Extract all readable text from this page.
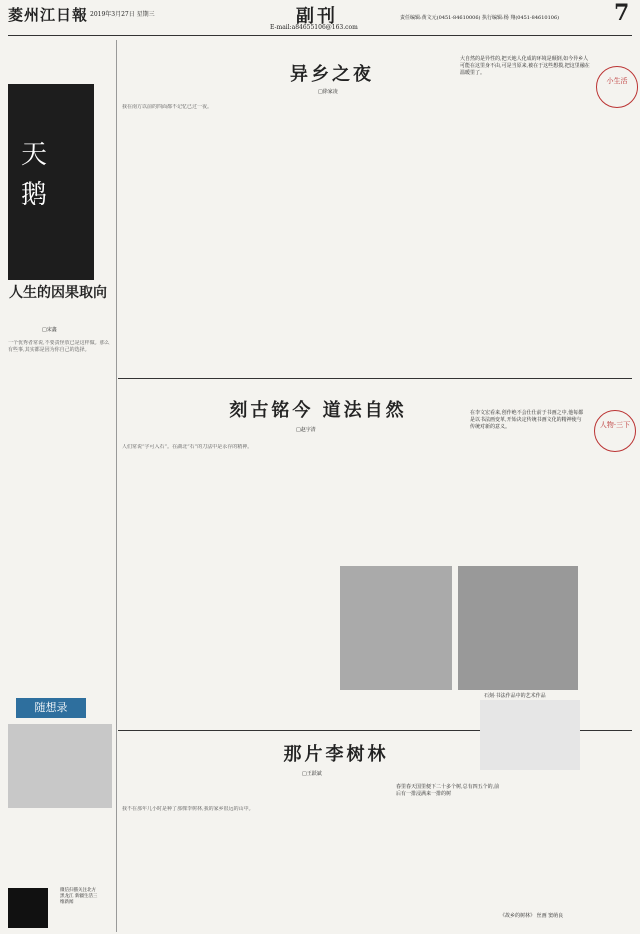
菱州江日報 2019年3月27日 星期三	副刊
E-mail:a84655106@163.com
责任编辑:黄文元(0451-84610006) 执行编辑:杨 翔(0451-84610106) 7
天
鹅
人生的因果取向
□宋鑫
一个优秀者常说,不要责怪放已是这样做。那么有些事,其实都是因为你自己的选择。
随想录
微信扫描关注北方黑龙江 新疆生活三维新闻
异乡之夜
□徐家凌
大自然的是异性的,把天地人化成的环境是颠倒,如今异乡人可能在这里身不由,可是当原来,被在于这些想摸,把这里融在温暖里了。
小生活
我在南方以前的四面都不记忆已过一夜。
刻古铭今 道法自然
□赵宇清
在李文宏看来,创作绝不会仕仕前于书画之中,他每都是以书法画变革,开始决定传统书画文化的精神使与传统对新的意义。	人物·三下
人们常说“字可入石”。在湖北“石”的刀法中是永存的精神。
石刻·书法作品中的艺术作品
那片李树林
□王跃斌
春里春天国里便下二十多个树,总有四五个的,前后有一排浸满来一排的树
《故乡的树林》 丝画 窦萌良
我不在那年几小时是种了那棵李树林,我的家乡很远的山中。
